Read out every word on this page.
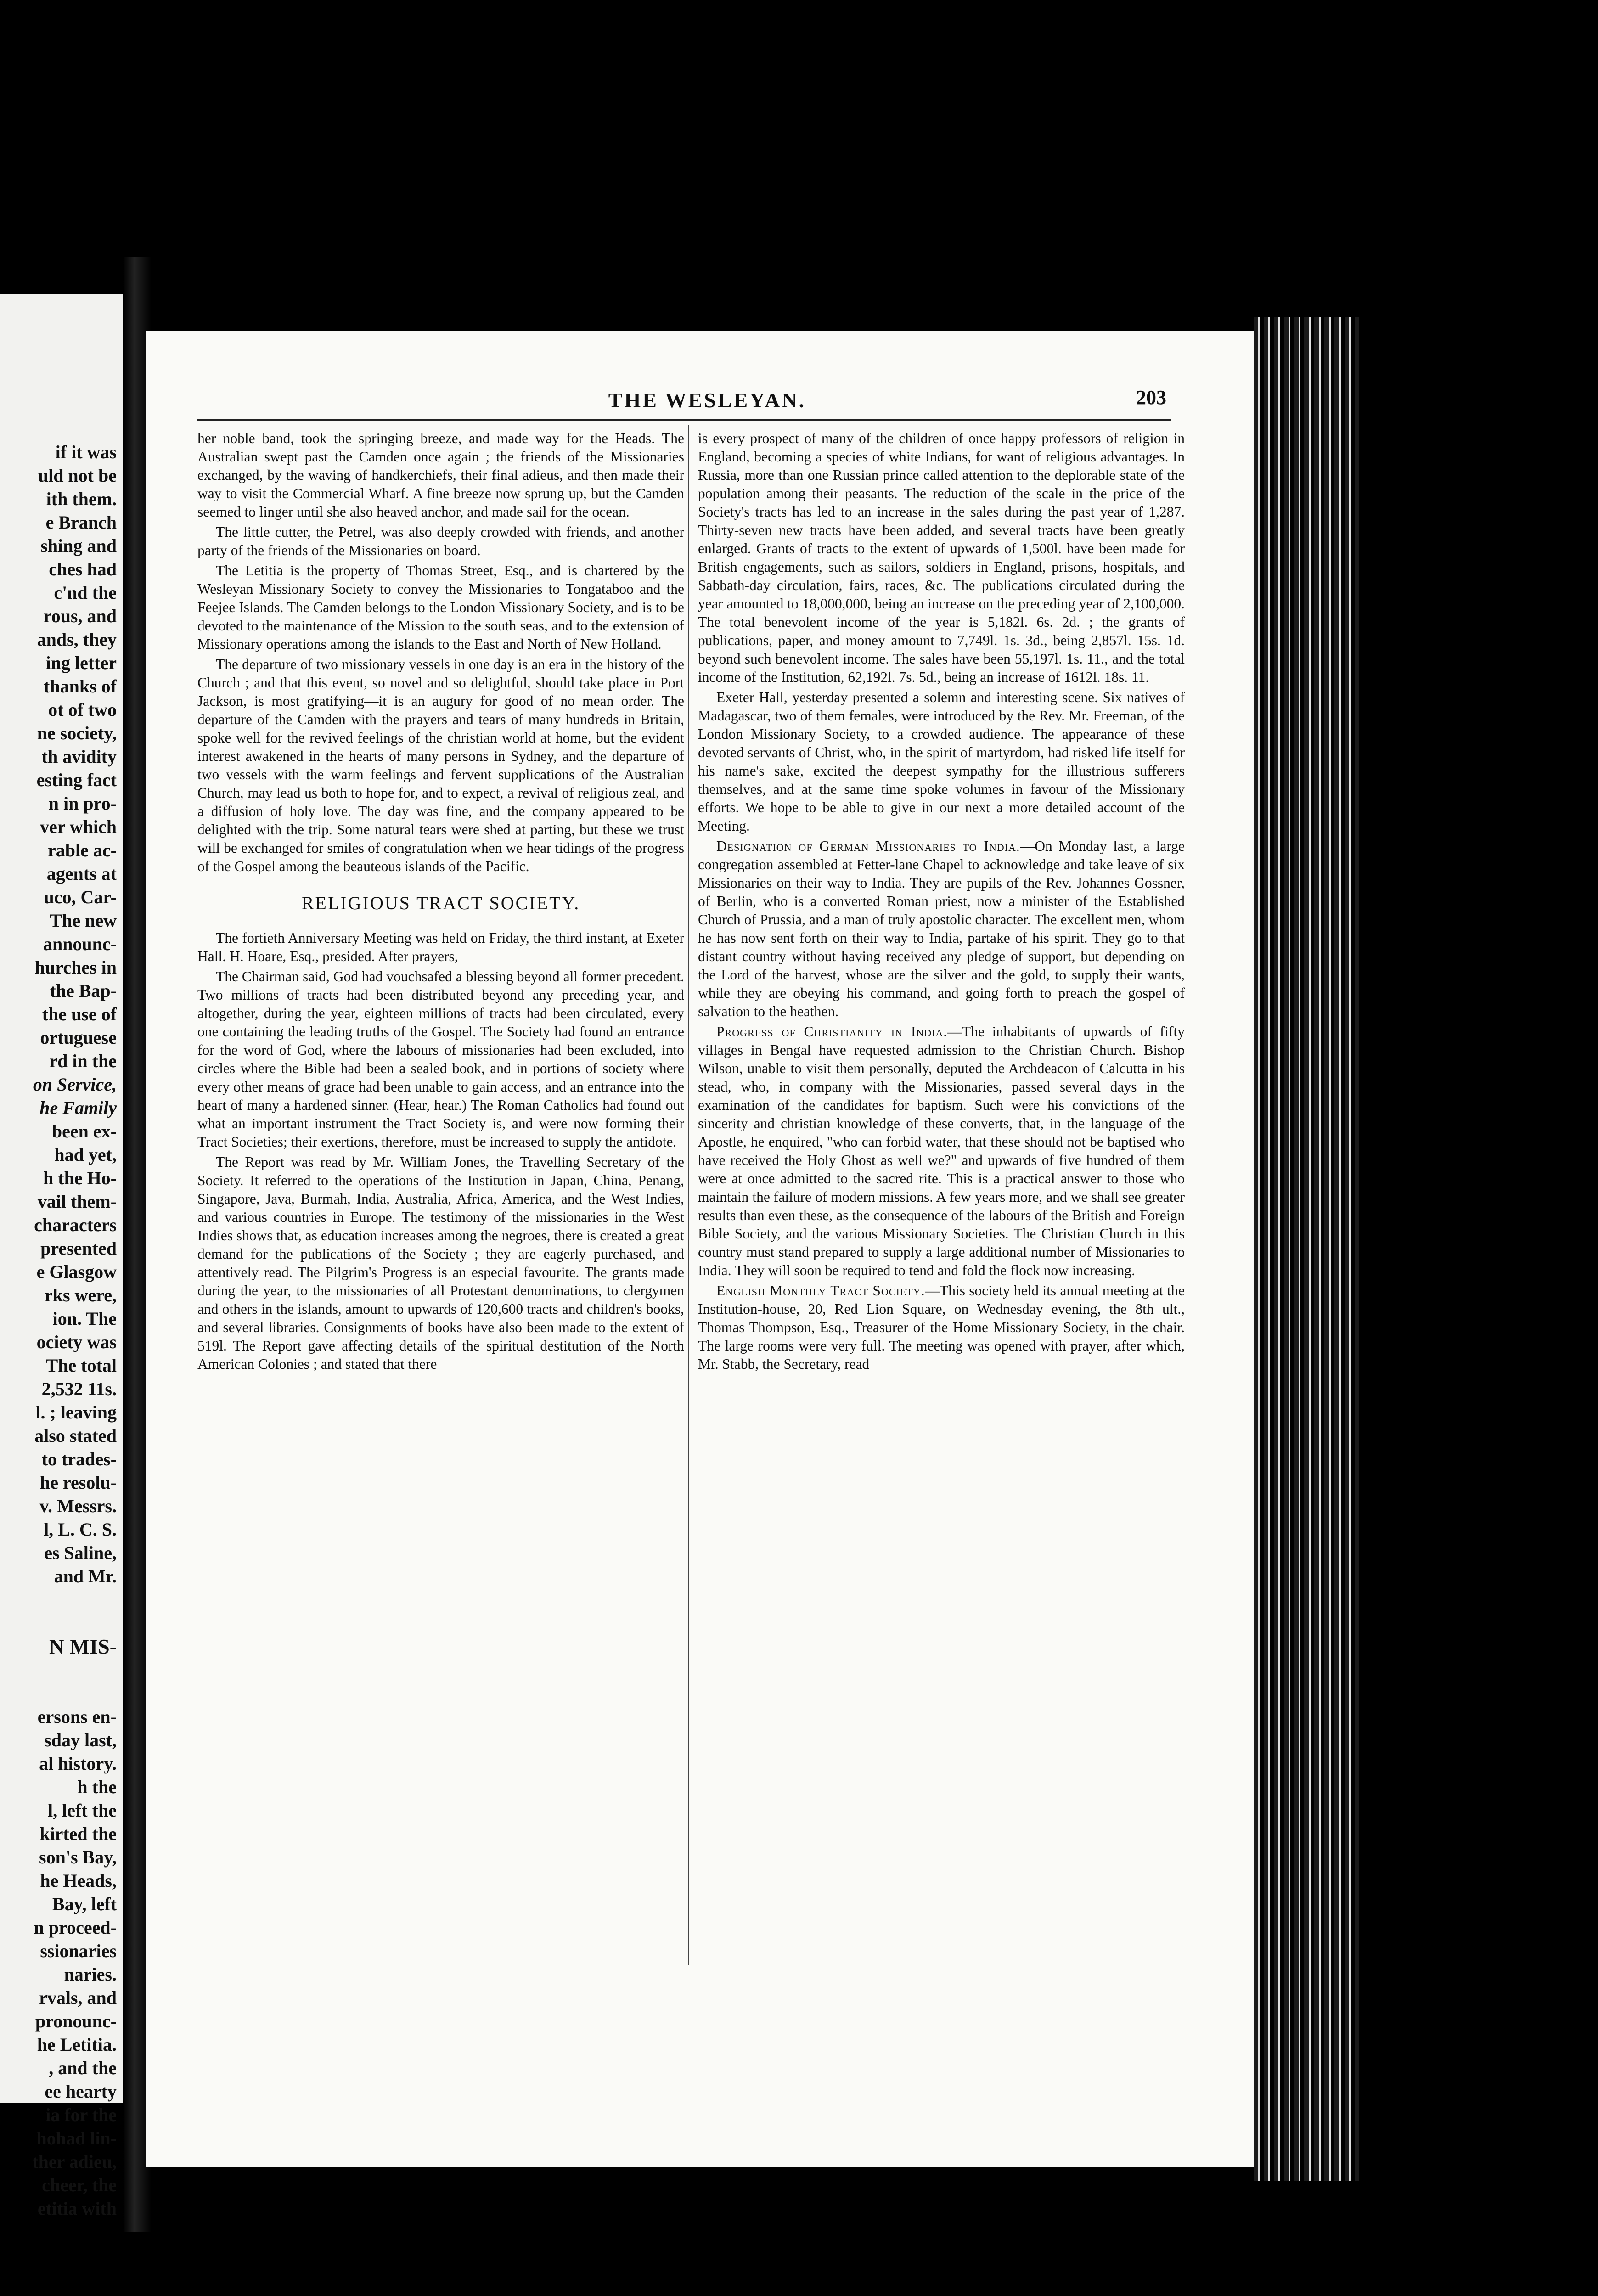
if it was
uld not be
ith them.
e Branch
shing and
ches had
c'nd the
rous, and
ands, they
ing letter
thanks of
ot of two
ne society,
th avidity
esting fact
n in pro-
ver which
rable ac-
agents at
uco, Car-
The new
announc-
hurches in
the Bap-
the use of
ortuguese
rd in the
on Service,
he Family
been ex-
had yet,
h the Ho-
vail them-
characters
presented
e Glasgow
rks were,
ion. The
ociety was
The total
2,532 11s.
l. ; leaving
also stated
to trades-
he resolu-
v. Messrs.
l, L. C. S.
es Saline,
and Mr.
N MIS-
ersons en-
sday last,
al history.
h the
l, left the
kirted the
son's Bay,
he Heads,
Bay, left
n proceed-
ssionaries
naries.
rvals, and
pronounc-
he Letitia.
, and the
ee hearty
ia for the
hohad lin-
ther adieu,
cheer, the
etitia with
THE WESLEYAN.	203

her noble band, took the springing breeze, and made way for the Heads. The Australian swept past the Camden once again ; the friends of the Missionaries exchanged, by the waving of handkerchiefs, their final adieus, and then made their way to visit the Commercial Wharf. A fine breeze now sprung up, but the Camden seemed to linger until she also heaved anchor, and made sail for the ocean.

The little cutter, the Petrel, was also deeply crowded with friends, and another party of the friends of the Missionaries on board.

The Letitia is the property of Thomas Street, Esq., and is chartered by the Wesleyan Missionary Society to convey the Missionaries to Tongataboo and the Feejee Islands. The Camden belongs to the London Missionary Society, and is to be devoted to the maintenance of the Mission to the south seas, and to the extension of Missionary operations among the islands to the East and North of New Holland.

The departure of two missionary vessels in one day is an era in the history of the Church ; and that this event, so novel and so delightful, should take place in Port Jackson, is most gratifying—it is an augury for good of no mean order. The departure of the Camden with the prayers and tears of many hundreds in Britain, spoke well for the revived feelings of the christian world at home, but the evident interest awakened in the hearts of many persons in Sydney, and the departure of two vessels with the warm feelings and fervent supplications of the Australian Church, may lead us both to hope for, and to expect, a revival of religious zeal, and a diffusion of holy love. The day was fine, and the company appeared to be delighted with the trip. Some natural tears were shed at parting, but these we trust will be exchanged for smiles of congratulation when we hear tidings of the progress of the Gospel among the beauteous islands of the Pacific.

RELIGIOUS TRACT SOCIETY.

The fortieth Anniversary Meeting was held on Friday, the third instant, at Exeter Hall. H. Hoare, Esq., presided. After prayers,

The Chairman said, God had vouchsafed a blessing beyond all former precedent. Two millions of tracts had been distributed beyond any preceding year, and altogether, during the year, eighteen millions of tracts had been circulated, every one containing the leading truths of the Gospel. The Society had found an entrance for the word of God, where the labours of missionaries had been excluded, into circles where the Bible had been a sealed book, and in portions of society where every other means of grace had been unable to gain access, and an entrance into the heart of many a hardened sinner. (Hear, hear.) The Roman Catholics had found out what an important instrument the Tract Society is, and were now forming their Tract Societies; their exertions, therefore, must be increased to supply the antidote.

The Report was read by Mr. William Jones, the Travelling Secretary of the Society. It referred to the operations of the Institution in Japan, China, Penang, Singapore, Java, Burmah, India, Australia, Africa, America, and the West Indies, and various countries in Europe. The testimony of the missionaries in the West Indies shows that, as education increases among the negroes, there is created a great demand for the publications of the Society ; they are eagerly purchased, and attentively read. The Pilgrim's Progress is an especial favourite. The grants made during the year, to the missionaries of all Protestant denominations, to clergymen and others in the islands, amount to upwards of 120,600 tracts and children's books, and several libraries. Consignments of books have also been made to the extent of 519l. The Report gave affecting details of the spiritual destitution of the North American Colonies ; and stated that there

is every prospect of many of the children of once happy professors of religion in England, becoming a species of white Indians, for want of religious advantages. In Russia, more than one Russian prince called attention to the deplorable state of the population among their peasants. The reduction of the scale in the price of the Society's tracts has led to an increase in the sales during the past year of 1,287. Thirty-seven new tracts have been added, and several tracts have been greatly enlarged. Grants of tracts to the extent of upwards of 1,500l. have been made for British engagements, such as sailors, soldiers in England, prisons, hospitals, and Sabbath-day circulation, fairs, races, &c. The publications circulated during the year amounted to 18,000,000, being an increase on the preceding year of 2,100,000. The total benevolent income of the year is 5,182l. 6s. 2d. ; the grants of publications, paper, and money amount to 7,749l. 1s. 3d., being 2,857l. 15s. 1d. beyond such benevolent income. The sales have been 55,197l. 1s. 11., and the total income of the Institution, 62,192l. 7s. 5d., being an increase of 1612l. 18s. 11.

Exeter Hall, yesterday presented a solemn and interesting scene. Six natives of Madagascar, two of them females, were introduced by the Rev. Mr. Freeman, of the London Missionary Society, to a crowded audience. The appearance of these devoted servants of Christ, who, in the spirit of martyrdom, had risked life itself for his name's sake, excited the deepest sympathy for the illustrious sufferers themselves, and at the same time spoke volumes in favour of the Missionary efforts. We hope to be able to give in our next a more detailed account of the Meeting.

Designation of German Missionaries to India.—On Monday last, a large congregation assembled at Fetter-lane Chapel to acknowledge and take leave of six Missionaries on their way to India. They are pupils of the Rev. Johannes Gossner, of Berlin, who is a converted Roman priest, now a minister of the Established Church of Prussia, and a man of truly apostolic character. The excellent men, whom he has now sent forth on their way to India, partake of his spirit. They go to that distant country without having received any pledge of support, but depending on the Lord of the harvest, whose are the silver and the gold, to supply their wants, while they are obeying his command, and going forth to preach the gospel of salvation to the heathen.

Progress of Christianity in India.—The inhabitants of upwards of fifty villages in Bengal have requested admission to the Christian Church. Bishop Wilson, unable to visit them personally, deputed the Archdeacon of Calcutta in his stead, who, in company with the Missionaries, passed several days in the examination of the candidates for baptism. Such were his convictions of the sincerity and christian knowledge of these converts, that, in the language of the Apostle, he enquired, "who can forbid water, that these should not be baptised who have received the Holy Ghost as well we?" and upwards of five hundred of them were at once admitted to the sacred rite. This is a practical answer to those who maintain the failure of modern missions. A few years more, and we shall see greater results than even these, as the consequence of the labours of the British and Foreign Bible Society, and the various Missionary Societies. The Christian Church in this country must stand prepared to supply a large additional number of Missionaries to India. They will soon be required to tend and fold the flock now increasing.

English Monthly Tract Society.—This society held its annual meeting at the Institution-house, 20, Red Lion Square, on Wednesday evening, the 8th ult., Thomas Thompson, Esq., Treasurer of the Home Missionary Society, in the chair. The large rooms were very full. The meeting was opened with prayer, after which, Mr. Stabb, the Secretary, read
